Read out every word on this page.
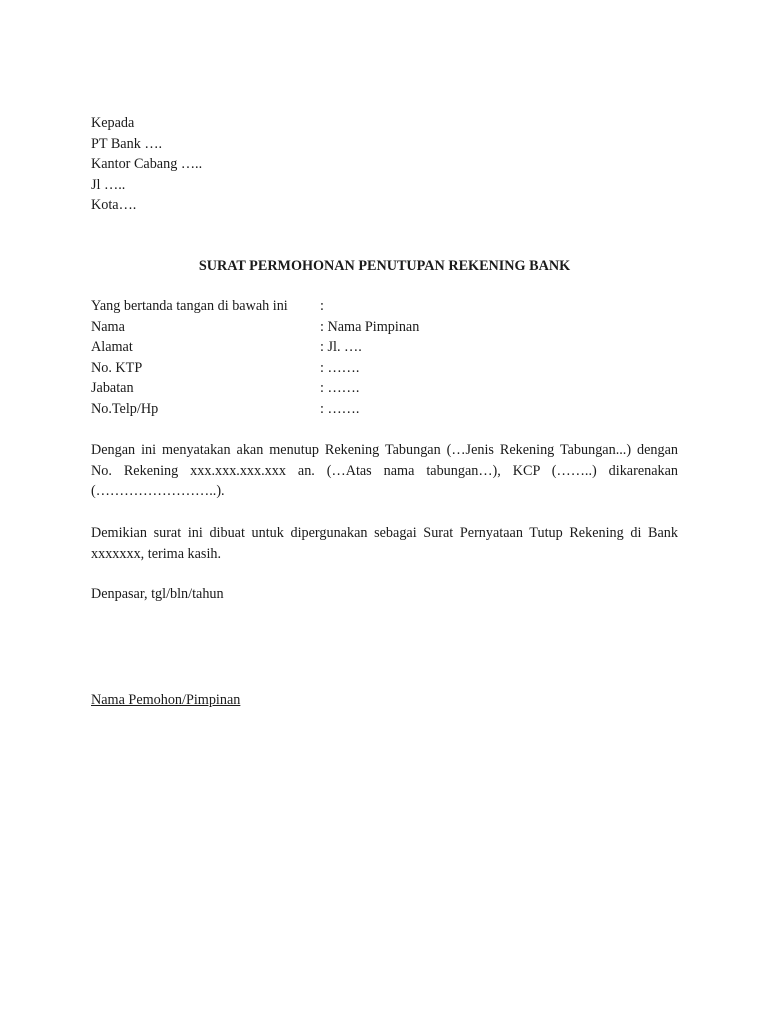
Kepada
PT Bank ….
Kantor Cabang …..
Jl …..
Kota….
SURAT PERMOHONAN PENUTUPAN REKENING BANK
Yang bertanda tangan di bawah ini :
Nama	: Nama Pimpinan
Alamat	: Jl. ….
No. KTP	: …….
Jabatan	: …….
No.Telp/Hp	: …….

Dengan ini menyatakan akan menutup Rekening Tabungan (…Jenis Rekening Tabungan...) dengan No. Rekening xxx.xxx.xxx.xxx an. (…Atas nama tabungan…), KCP (……..) dikarenakan (……………………..).

Demikian surat ini dibuat untuk dipergunakan sebagai Surat Pernyataan Tutup Rekening di Bank xxxxxxx, terima kasih.

Denpasar, tgl/bln/tahun
Nama Pemohon/Pimpinan
